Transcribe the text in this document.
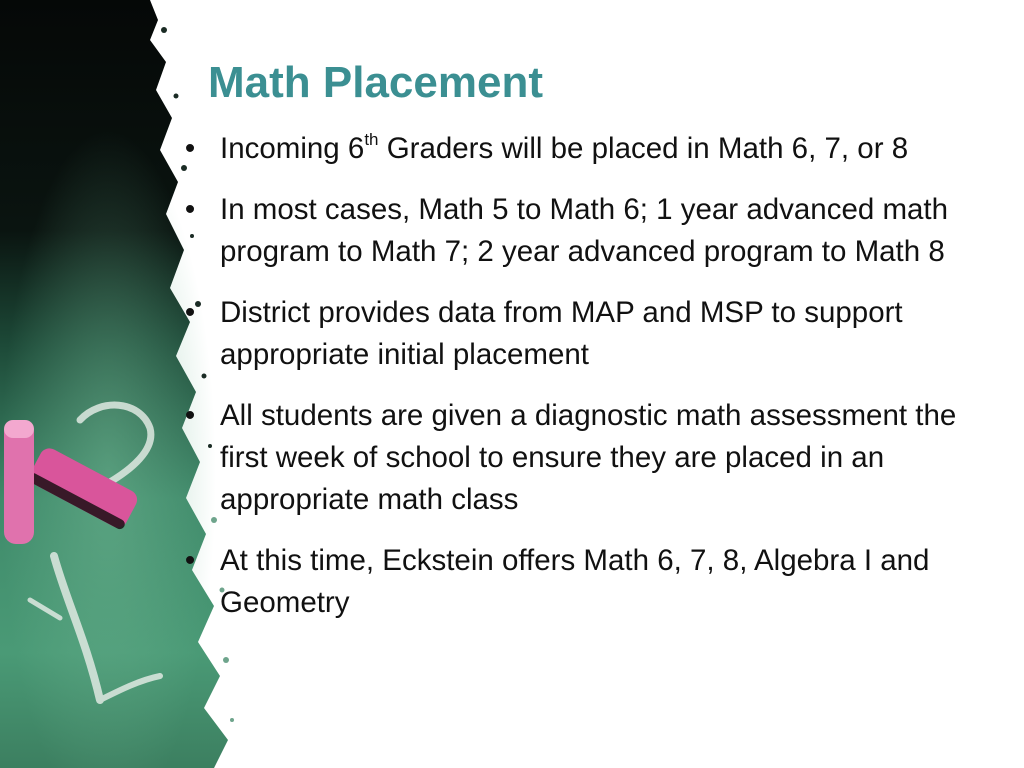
Math Placement
• Incoming 6th Graders will be placed in Math 6, 7, or 8
• In most cases, Math 5 to Math 6; 1 year advanced math program to Math 7; 2 year advanced program to Math 8
• District provides data from MAP and MSP to support appropriate initial placement
• All students are given a diagnostic math assessment the first week of school to ensure they are placed in an appropriate math class
• At this time, Eckstein offers Math 6, 7, 8, Algebra I and Geometry
